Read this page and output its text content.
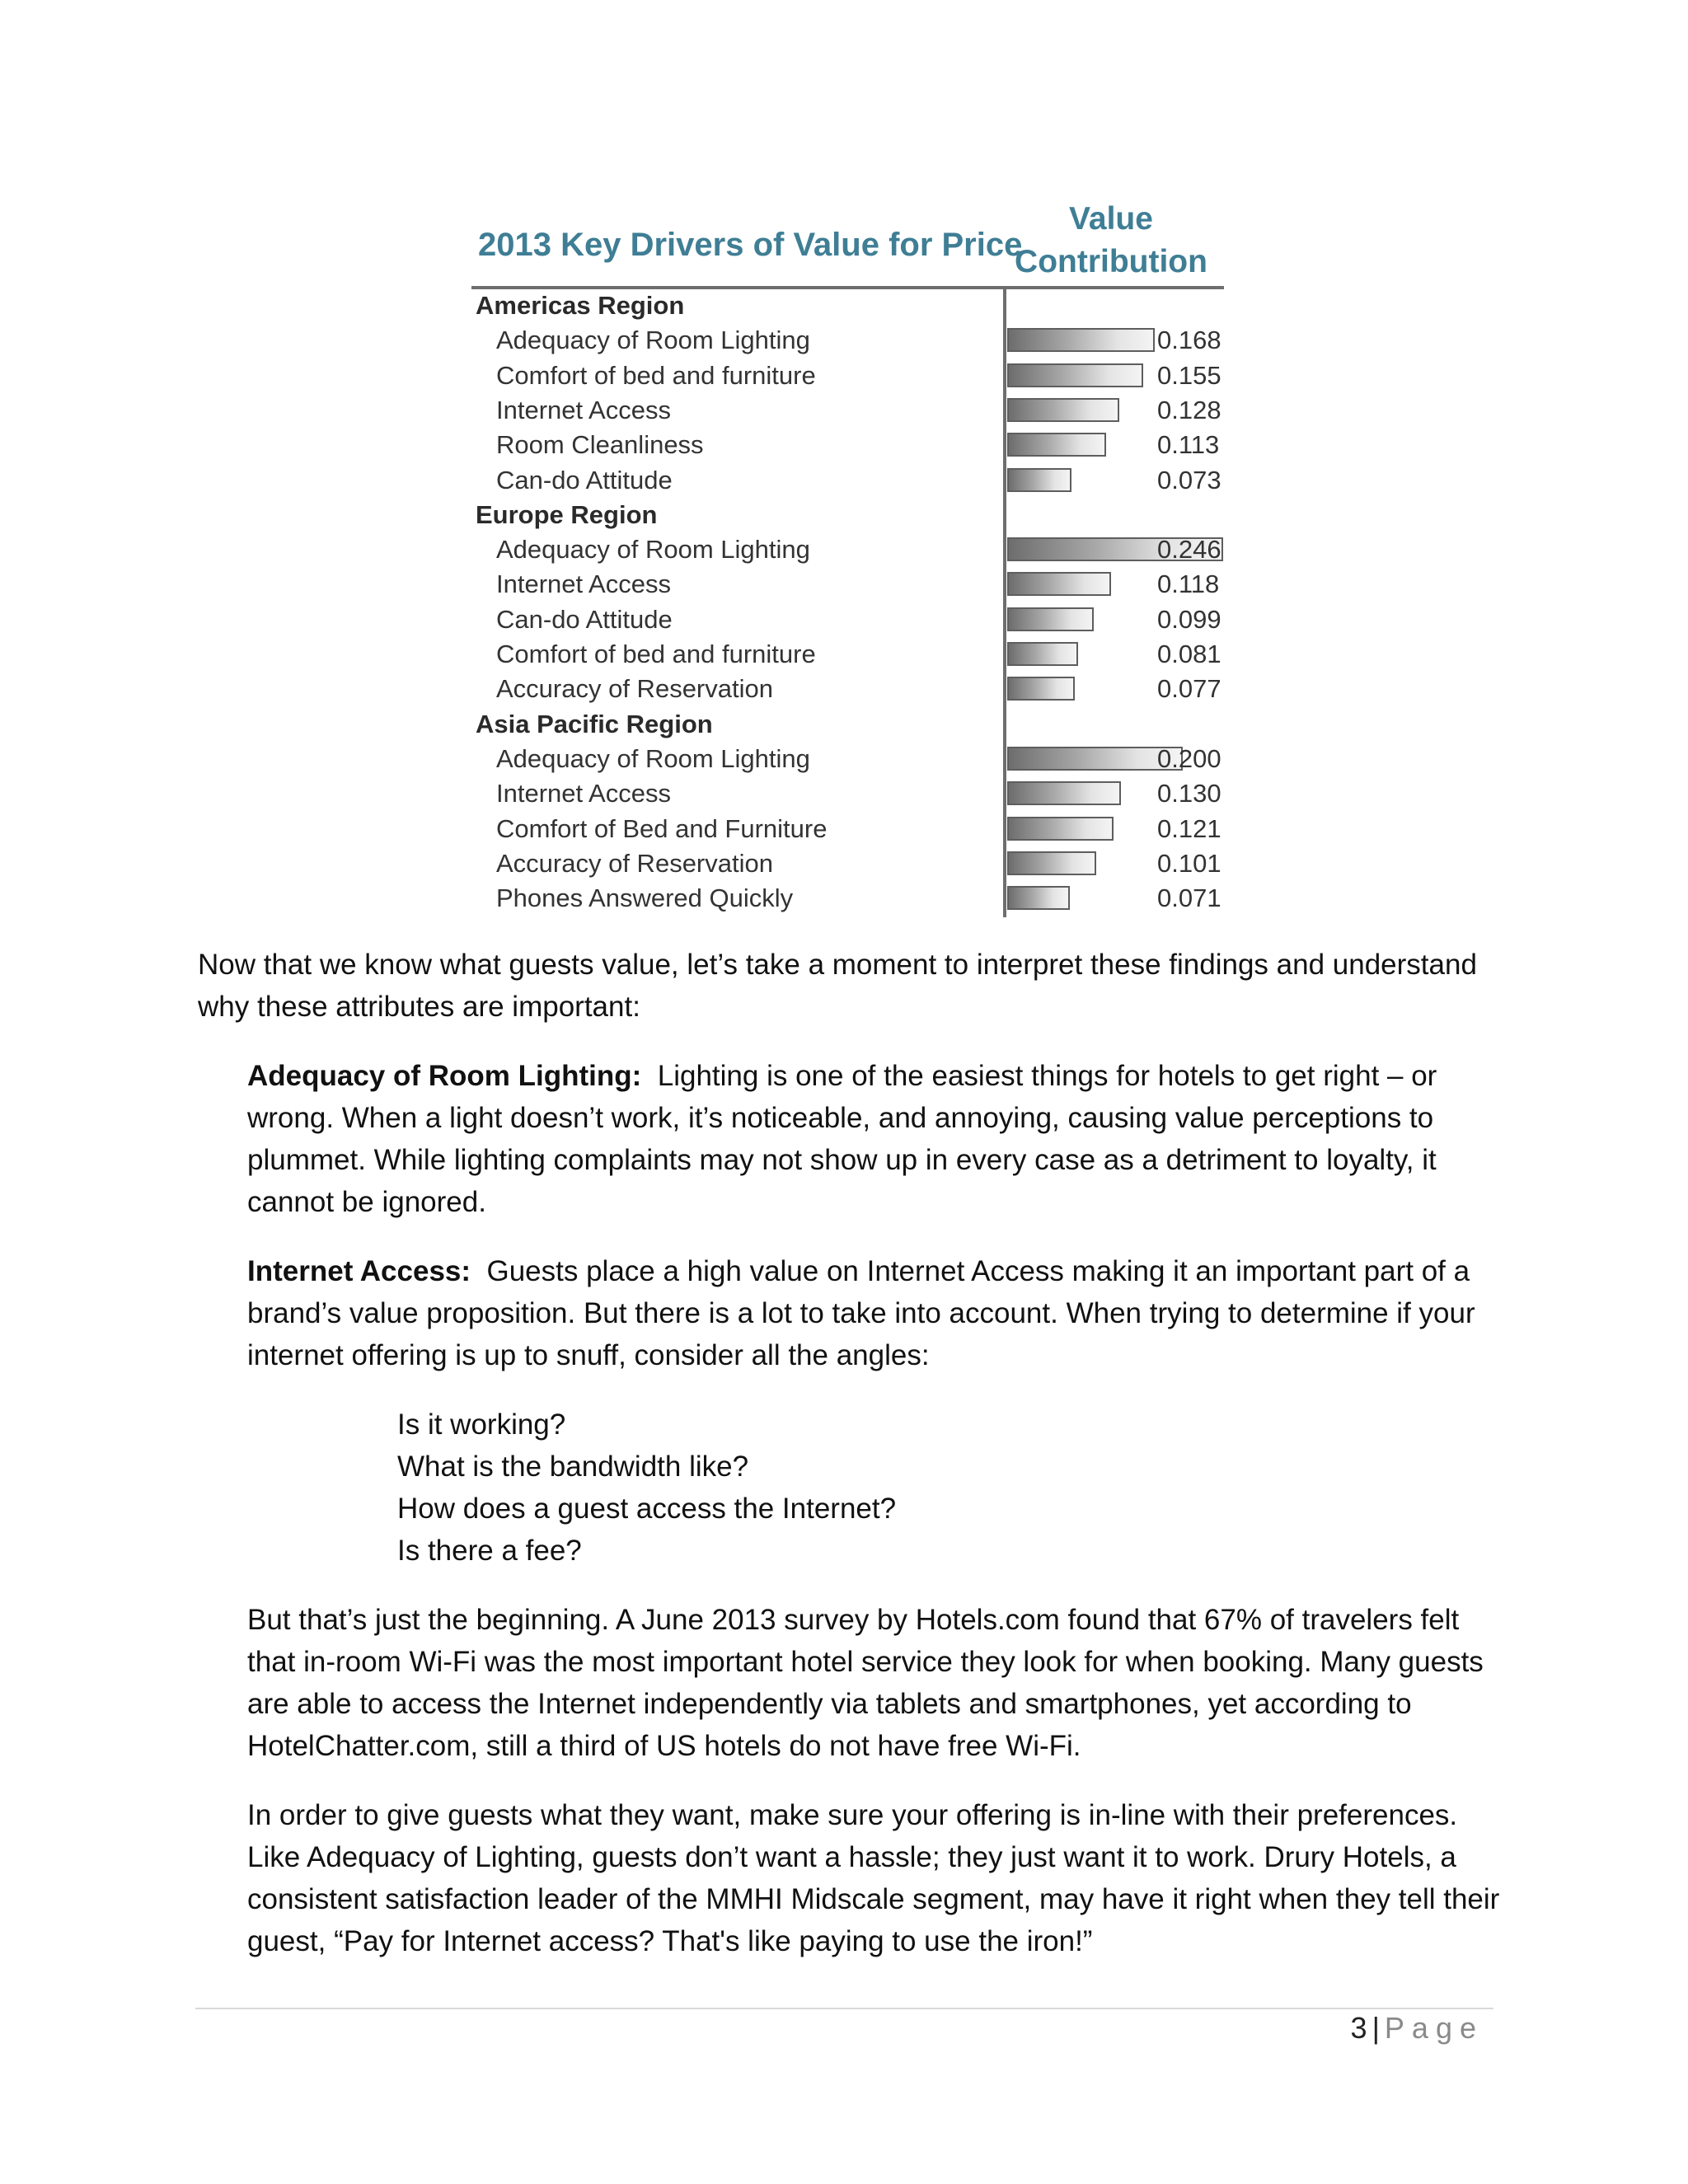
2013 Key Drivers of Value for Price
Value
Contribution
Americas Region
Adequacy of Room Lighting	0.168
Comfort of bed and furniture	0.155
Internet Access	0.128
Room Cleanliness	0.113
Can-do Attitude	0.073
Europe Region
Adequacy of Room Lighting	0.246
Internet Access	0.118
Can-do Attitude	0.099
Comfort of bed and furniture	0.081
Accuracy of Reservation	0.077
Asia Pacific Region
Adequacy of Room Lighting	0.200
Internet Access	0.130
Comfort of Bed and Furniture	0.121
Accuracy of Reservation	0.101
Phones Answered Quickly	0.071

Now that we know what guests value, let’s take a moment to interpret these findings and understand why these attributes are important:

Adequacy of Room Lighting: Lighting is one of the easiest things for hotels to get right – or wrong. When a light doesn’t work, it’s noticeable, and annoying, causing value perceptions to plummet. While lighting complaints may not show up in every case as a detriment to loyalty, it cannot be ignored.

Internet Access: Guests place a high value on Internet Access making it an important part of a brand’s value proposition. But there is a lot to take into account. When trying to determine if your internet offering is up to snuff, consider all the angles:

Is it working?
What is the bandwidth like?
How does a guest access the Internet?
Is there a fee?

But that’s just the beginning. A June 2013 survey by Hotels.com found that 67% of travelers felt that in-room Wi-Fi was the most important hotel service they look for when booking. Many guests are able to access the Internet independently via tablets and smartphones, yet according to HotelChatter.com, still a third of US hotels do not have free Wi-Fi.

In order to give guests what they want, make sure your offering is in-line with their preferences. Like Adequacy of Lighting, guests don’t want a hassle; they just want it to work. Drury Hotels, a consistent satisfaction leader of the MMHI Midscale segment, may have it right when they tell their guest, “Pay for Internet access? That's like paying to use the iron!”

3 | Page
